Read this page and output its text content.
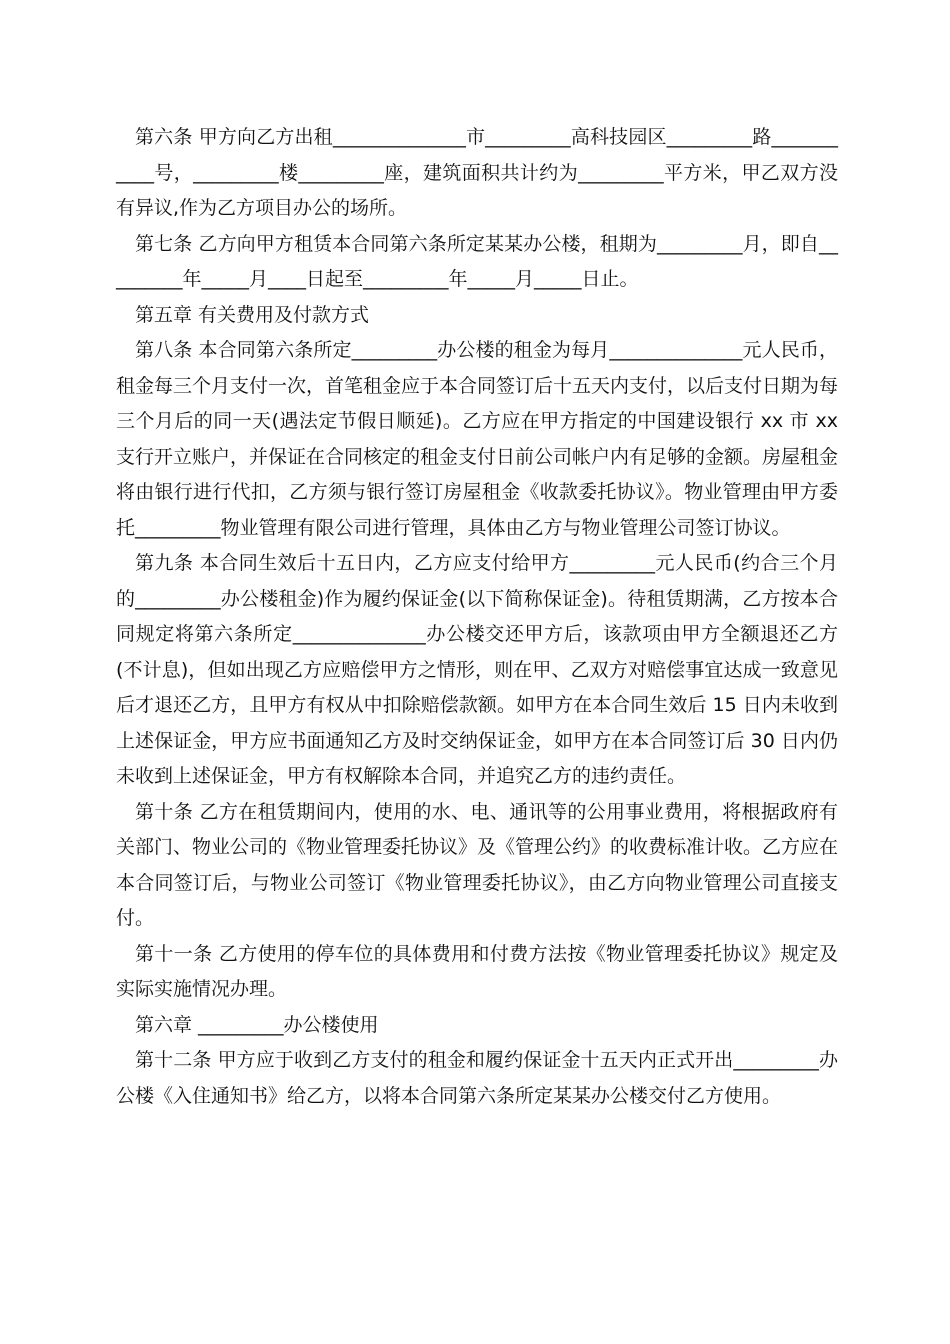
第六条 甲方向乙方出租______________市_________高科技园区_________路___________号，_________楼_________座，建筑面积共计约为_________平方米，甲乙双方没有异议,作为乙方项目办公的场所。

第七条 乙方向甲方租赁本合同第六条所定某某办公楼，租期为_________月，即自_________年_____月____日起至_________年_____月_____日止。

第五章 有关费用及付款方式

第八条 本合同第六条所定_________办公楼的租金为每月______________元人民币，租金每三个月支付一次，首笔租金应于本合同签订后十五天内支付，以后支付日期为每三个月后的同一天(遇法定节假日顺延)。乙方应在甲方指定的中国建设银行 xx 市 xx 支行开立账户，并保证在合同核定的租金支付日前公司帐户内有足够的金额。房屋租金将由银行进行代扣，乙方须与银行签订房屋租金《收款委托协议》。物业管理由甲方委托_________物业管理有限公司进行管理，具体由乙方与物业管理公司签订协议。

第九条 本合同生效后十五日内，乙方应支付给甲方_________元人民币(约合三个月的_________办公楼租金)作为履约保证金(以下简称保证金)。待租赁期满，乙方按本合同规定将第六条所定______________办公楼交还甲方后，该款项由甲方全额退还乙方(不计息)，但如出现乙方应赔偿甲方之情形，则在甲、乙双方对赔偿事宜达成一致意见后才退还乙方，且甲方有权从中扣除赔偿款额。如甲方在本合同生效后 15 日内未收到上述保证金，甲方应书面通知乙方及时交纳保证金，如甲方在本合同签订后 30 日内仍未收到上述保证金，甲方有权解除本合同，并追究乙方的违约责任。

第十条 乙方在租赁期间内，使用的水、电、通讯等的公用事业费用，将根据政府有关部门、物业公司的《物业管理委托协议》及《管理公约》的收费标准计收。乙方应在本合同签订后，与物业公司签订《物业管理委托协议》，由乙方向物业管理公司直接支付。

第十一条 乙方使用的停车位的具体费用和付费方法按《物业管理委托协议》规定及实际实施情况办理。

第六章 _________办公楼使用

第十二条 甲方应于收到乙方支付的租金和履约保证金十五天内正式开出_________办公楼《入住通知书》给乙方，以将本合同第六条所定某某办公楼交付乙方使用。
